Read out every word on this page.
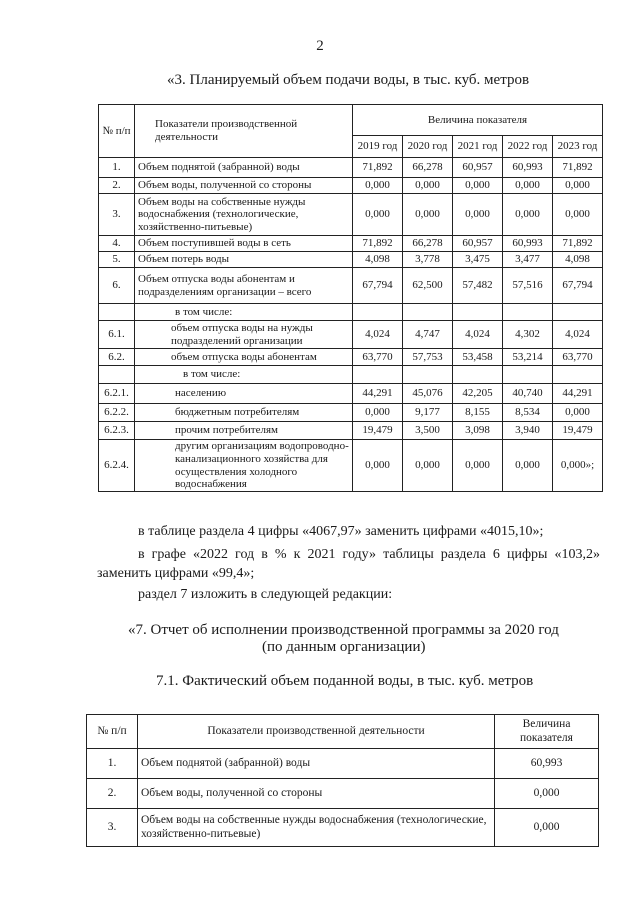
2
«3. Планируемый объем подачи воды, в тыс. куб. метров
№ п/п	Показатели производственной деятельности	Величина показателя				
		2019 год	2020 год	2021 год	2022 год	2023 год
1.	Объем поднятой (забранной) воды	71,892	66,278	60,957	60,993	71,892
2.	Объем воды, полученной со стороны	0,000	0,000	0,000	0,000	0,000
3.	Объем воды на собственные нужды водоснабжения (технологические, хозяйственно-питьевые)	0,000	0,000	0,000	0,000	0,000
4.	Объем поступившей воды в сеть	71,892	66,278	60,957	60,993	71,892
5.	Объем потерь воды	4,098	3,778	3,475	3,477	4,098
6.	Объем отпуска воды абонентам и подразделениям организации – всего	67,794	62,500	57,482	57,516	67,794
	в том числе:					
6.1.	объем отпуска воды на нужды подразделений организации	4,024	4,747	4,024	4,302	4,024
6.2.	объем отпуска воды абонентам	63,770	57,753	53,458	53,214	63,770
	в том числе:					
6.2.1.	населению	44,291	45,076	42,205	40,740	44,291
6.2.2.	бюджетным потребителям	0,000	9,177	8,155	8,534	0,000
6.2.3.	прочим потребителям	19,479	3,500	3,098	3,940	19,479
6.2.4.	другим организациям водопроводно-канализационного хозяйства для осуществления холодного водоснабжения	0,000	0,000	0,000	0,000	0,000»;
в таблице раздела 4 цифры «4067,97» заменить цифрами «4015,10»;
в графе «2022 год в % к 2021 году» таблицы раздела 6 цифры «103,2»
заменить цифрами «99,4»;
раздел 7 изложить в следующей редакции:
«7. Отчет об исполнении производственной программы за 2020 год
(по данным организации)
7.1. Фактический объем поданной воды, в тыс. куб. метров
№ п/п	Показатели производственной деятельности	Величина показателя
1.	Объем поднятой (забранной) воды	60,993
2.	Объем воды, полученной со стороны	0,000
3.	Объем воды на собственные нужды водоснабжения (технологические, хозяйственно-питьевые)	0,000
